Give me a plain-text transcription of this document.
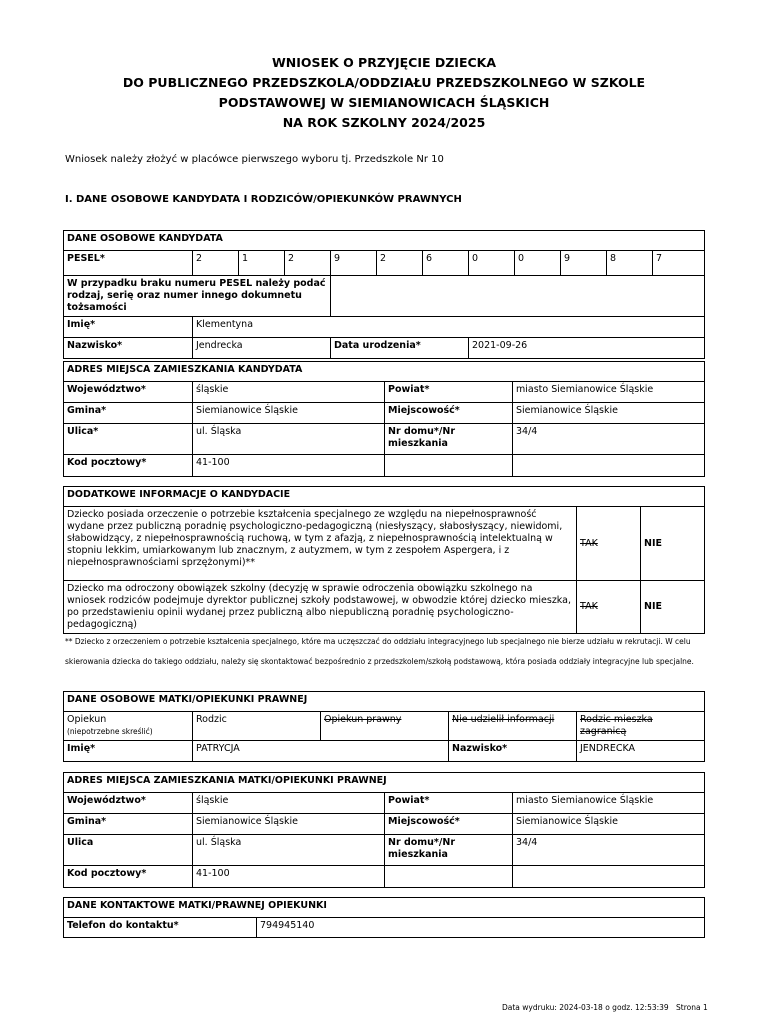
WNIOSEK O PRZYJĘCIE DZIECKA
DO PUBLICZNEGO PRZEDSZKOLA/ODDZIAŁU PRZEDSZKOLNEGO W SZKOLE
PODSTAWOWEJ W SIEMIANOWICACH ŚLĄSKICH
NA ROK SZKOLNY 2024/2025
Wniosek należy złożyć w placówce pierwszego wyboru tj. Przedszkole Nr 10
I. DANE OSOBOWE KANDYDATA I RODZICÓW/OPIEKUNKÓW PRAWNYCH
DANE OSOBOWE KANDYDATA											
PESEL*	2	1	2	9	2	6	0	0	9	8	7
W przypadku braku numeru PESEL należy podać rodzaj, serię oraz numer innego dokumnetu tożsamości											
Imię*	Klementyna										
Nazwisko*	Jendrecka			Data urodzenia*			2021-09-26				
ADRES MIEJSCA ZAMIESZKANIA KANDYDATA			
Województwo*	śląskie	Powiat*	miasto Siemianowice Śląskie
Gmina*	Siemianowice Śląskie	Miejscowość*	Siemianowice Śląskie
Ulica*	ul. Śląska	Nr domu*/Nr mieszkania	34/4
Kod pocztowy*	41-100		
DODATKOWE INFORMACJE O KANDYDACIE		
Dziecko posiada orzeczenie o potrzebie kształcenia specjalnego ze względu na niepełnosprawność wydane przez publiczną poradnię psychologiczno-pedagogiczną (niesłyszący, słabosłyszący, niewidomi, słabowidzący, z niepełnosprawnością ruchową, w tym z afazją, z niepełnosprawnością intelektualną w stopniu lekkim, umiarkowanym lub znacznym, z autyzmem, w tym z zespołem Aspergera, i z niepełnosprawnościami sprzężonymi)**	TAK	NIE
Dziecko ma odroczony obowiązek szkolny (decyzję w sprawie odroczenia obowiązku szkolnego na wniosek rodziców podejmuje dyrektor publicznej szkoły podstawowej, w obwodzie której dziecko mieszka, po przedstawieniu opinii wydanej przez publiczną albo niepubliczną poradnię psychologiczno-pedagogiczną)	TAK	NIE
** Dziecko z orzeczeniem o potrzebie kształcenia specjalnego, które ma uczęszczać do oddziału integracyjnego lub specjalnego nie bierze udziału w rekrutacji. W celu skierowania dziecka do takiego oddziału, należy się skontaktować bezpośrednio z przedszkolem/szkołą podstawową, która posiada oddziały integracyjne lub specjalne.
DANE OSOBOWE MATKI/OPIEKUNKI PRAWNEJ				

Opiekun
(niepotrzebne skreślić)	Rodzic	Opiekun prawny	Nie udzielił informacji	Rodzic mieszka zagranicą
Imię*	PATRYCJA		Nazwisko*	JENDRECKA
ADRES MIEJSCA ZAMIESZKANIA MATKI/OPIEKUNKI PRAWNEJ			
Województwo*	śląskie	Powiat*	miasto Siemianowice Śląskie
Gmina*	Siemianowice Śląskie	Miejscowość*	Siemianowice Śląskie
Ulica	ul. Śląska	Nr domu*/Nr mieszkania	34/4
Kod pocztowy*	41-100		
DANE KONTAKTOWE MATKI/PRAWNEJ OPIEKUNKI
Telefon do kontaktu*	794945140
Data wydruku: 2024-03-18 o godz. 12:53:39 Strona 1
